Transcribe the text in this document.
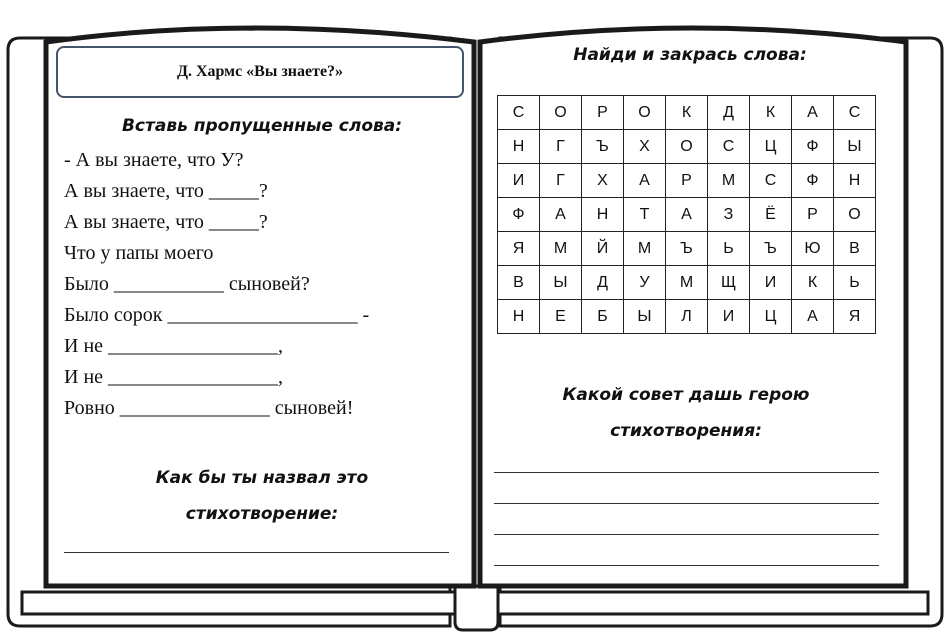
Д. Хармс «Вы знаете?»
Вставь пропущенные слова:
- А вы знаете, что У?
А вы знаете, что _____?
А вы знаете, что _____?
Что у папы моего
Было ___________ сыновей?
Было сорок ___________________ -
И не _________________,
И не _________________,
Ровно _______________ сыновей!
Как бы ты назвал это
стихотворение:
Найди и закрась слова:
С	О	Р	О	К	Д	К	А	С
Н	Г	Ъ	Х	О	С	Ц	Ф	Ы
И	Г	Х	А	Р	М	С	Ф	Н
Ф	А	Н	Т	А	З	Ё	Р	О
Я	М	Й	М	Ъ	Ь	Ъ	Ю	В
В	Ы	Д	У	М	Щ	И	К	Ь
Н	Е	Б	Ы	Л	И	Ц	А	Я
Какой совет дашь герою
стихотворения:
